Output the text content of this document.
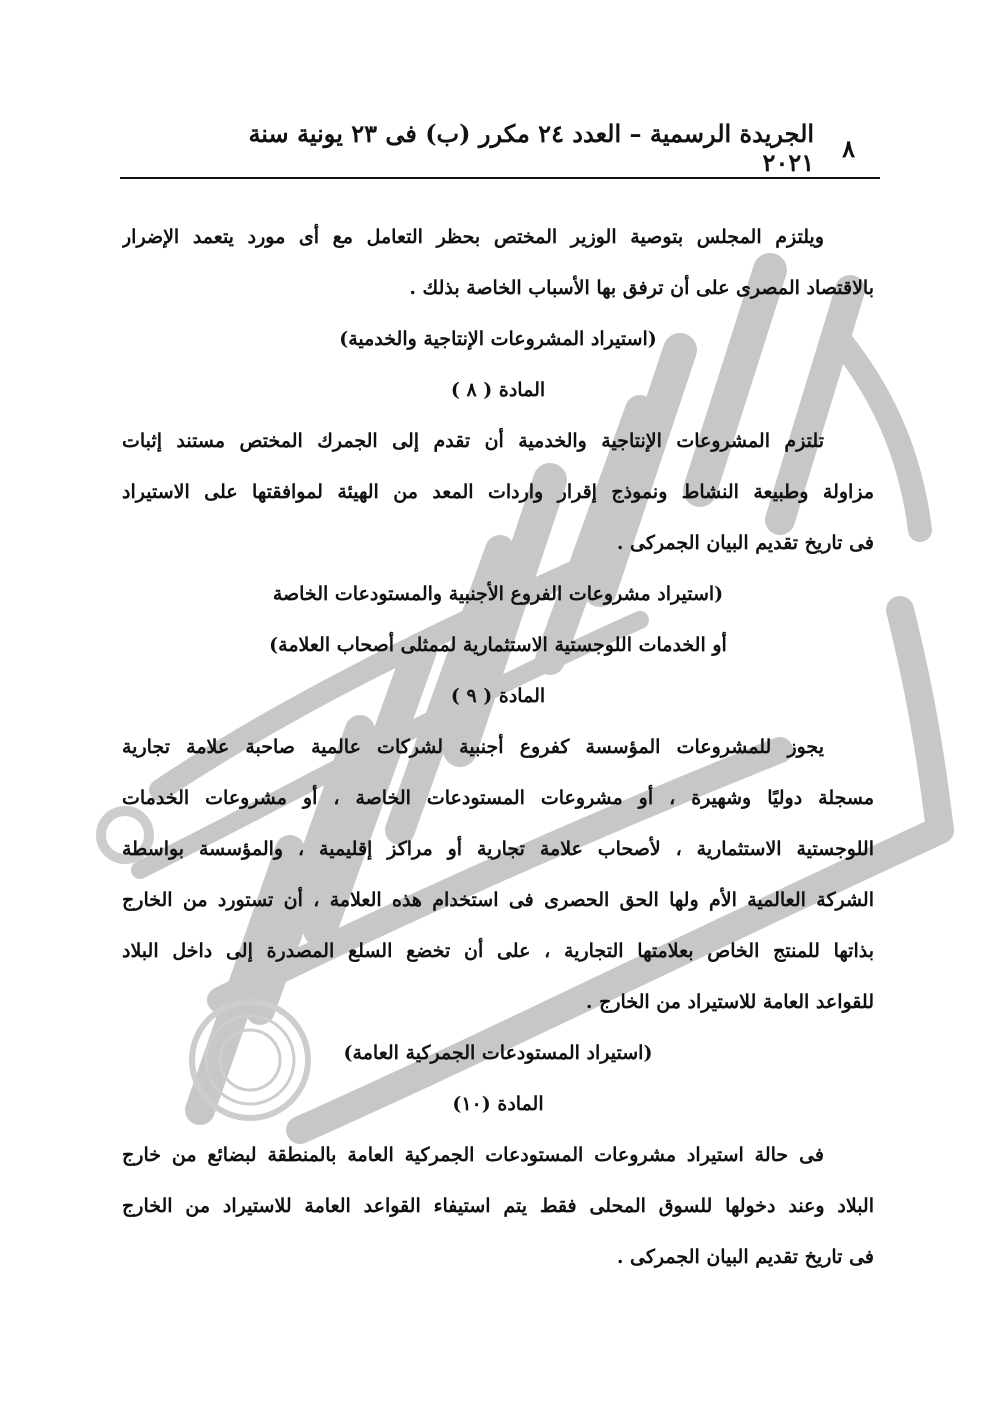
٨
الجريدة الرسمية – العدد ٢٤ مكرر (ب) فى ٢٣ يونية سنة ٢٠٢١
ويلتزم المجلس بتوصية الوزير المختص بحظر التعامل مع أى مورد يتعمد الإضرار
بالاقتصاد المصرى على أن ترفق بها الأسباب الخاصة بذلك .
(استيراد المشروعات الإنتاجية والخدمية)
المادة ( ٨ )
تلتزم المشروعات الإنتاجية والخدمية أن تقدم إلى الجمرك المختص مستند إثبات
مزاولة وطبيعة النشاط ونموذج إقرار واردات المعد من الهيئة لموافقتها على الاستيراد
فى تاريخ تقديم البيان الجمركى .
(استيراد مشروعات الفروع الأجنبية والمستودعات الخاصة
أو الخدمات اللوجستية الاستثمارية لممثلى أصحاب العلامة)
المادة ( ٩ )
يجوز للمشروعات المؤسسة كفروع أجنبية لشركات عالمية صاحبة علامة تجارية
مسجلة دوليًا وشهيرة ، أو مشروعات المستودعات الخاصة ، أو مشروعات الخدمات
اللوجستية الاستثمارية ، لأصحاب علامة تجارية أو مراكز إقليمية ، والمؤسسة بواسطة
الشركة العالمية الأم ولها الحق الحصرى فى استخدام هذه العلامة ، أن تستورد من الخارج
بذاتها للمنتج الخاص بعلامتها التجارية ، على أن تخضع السلع المصدرة إلى داخل البلاد
للقواعد العامة للاستيراد من الخارج .
(استيراد المستودعات الجمركية العامة)
المادة (١٠)
فى حالة استيراد مشروعات المستودعات الجمركية العامة بالمنطقة لبضائع من خارج
البلاد وعند دخولها للسوق المحلى فقط يتم استيفاء القواعد العامة للاستيراد من الخارج
فى تاريخ تقديم البيان الجمركى .
